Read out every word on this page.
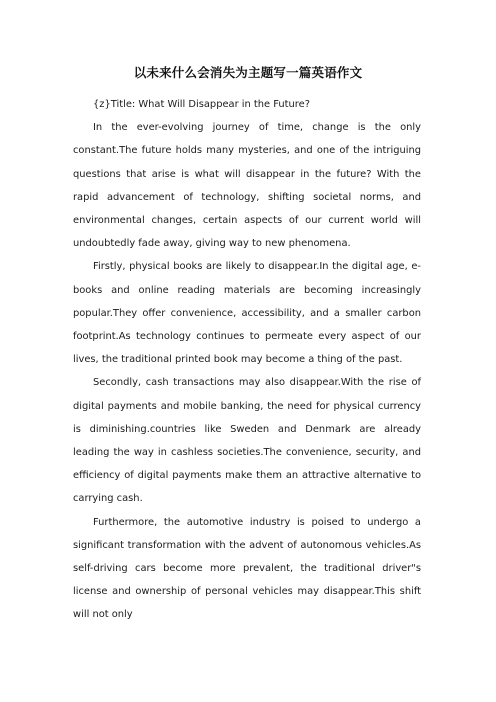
以未来什么会消失为主题写一篇英语作文

{z}Title: What Will Disappear in the Future?

In the ever-evolving journey of time, change is the only constant.The future holds many mysteries, and one of the intriguing questions that arise is what will disappear in the future? With the rapid advancement of technology, shifting societal norms, and environmental changes, certain aspects of our current world will undoubtedly fade away, giving way to new phenomena.

Firstly, physical books are likely to disappear.In the digital age, e-books and online reading materials are becoming increasingly popular.They offer convenience, accessibility, and a smaller carbon footprint.As technology continues to permeate every aspect of our lives, the traditional printed book may become a thing of the past.

Secondly, cash transactions may also disappear.With the rise of digital payments and mobile banking, the need for physical currency is diminishing.countries like Sweden and Denmark are already leading the way in cashless societies.The convenience, security, and efficiency of digital payments make them an attractive alternative to carrying cash.

Furthermore, the automotive industry is poised to undergo a significant transformation with the advent of autonomous vehicles.As self-driving cars become more prevalent, the traditional driver"s license and ownership of personal vehicles may disappear.This shift will not only
